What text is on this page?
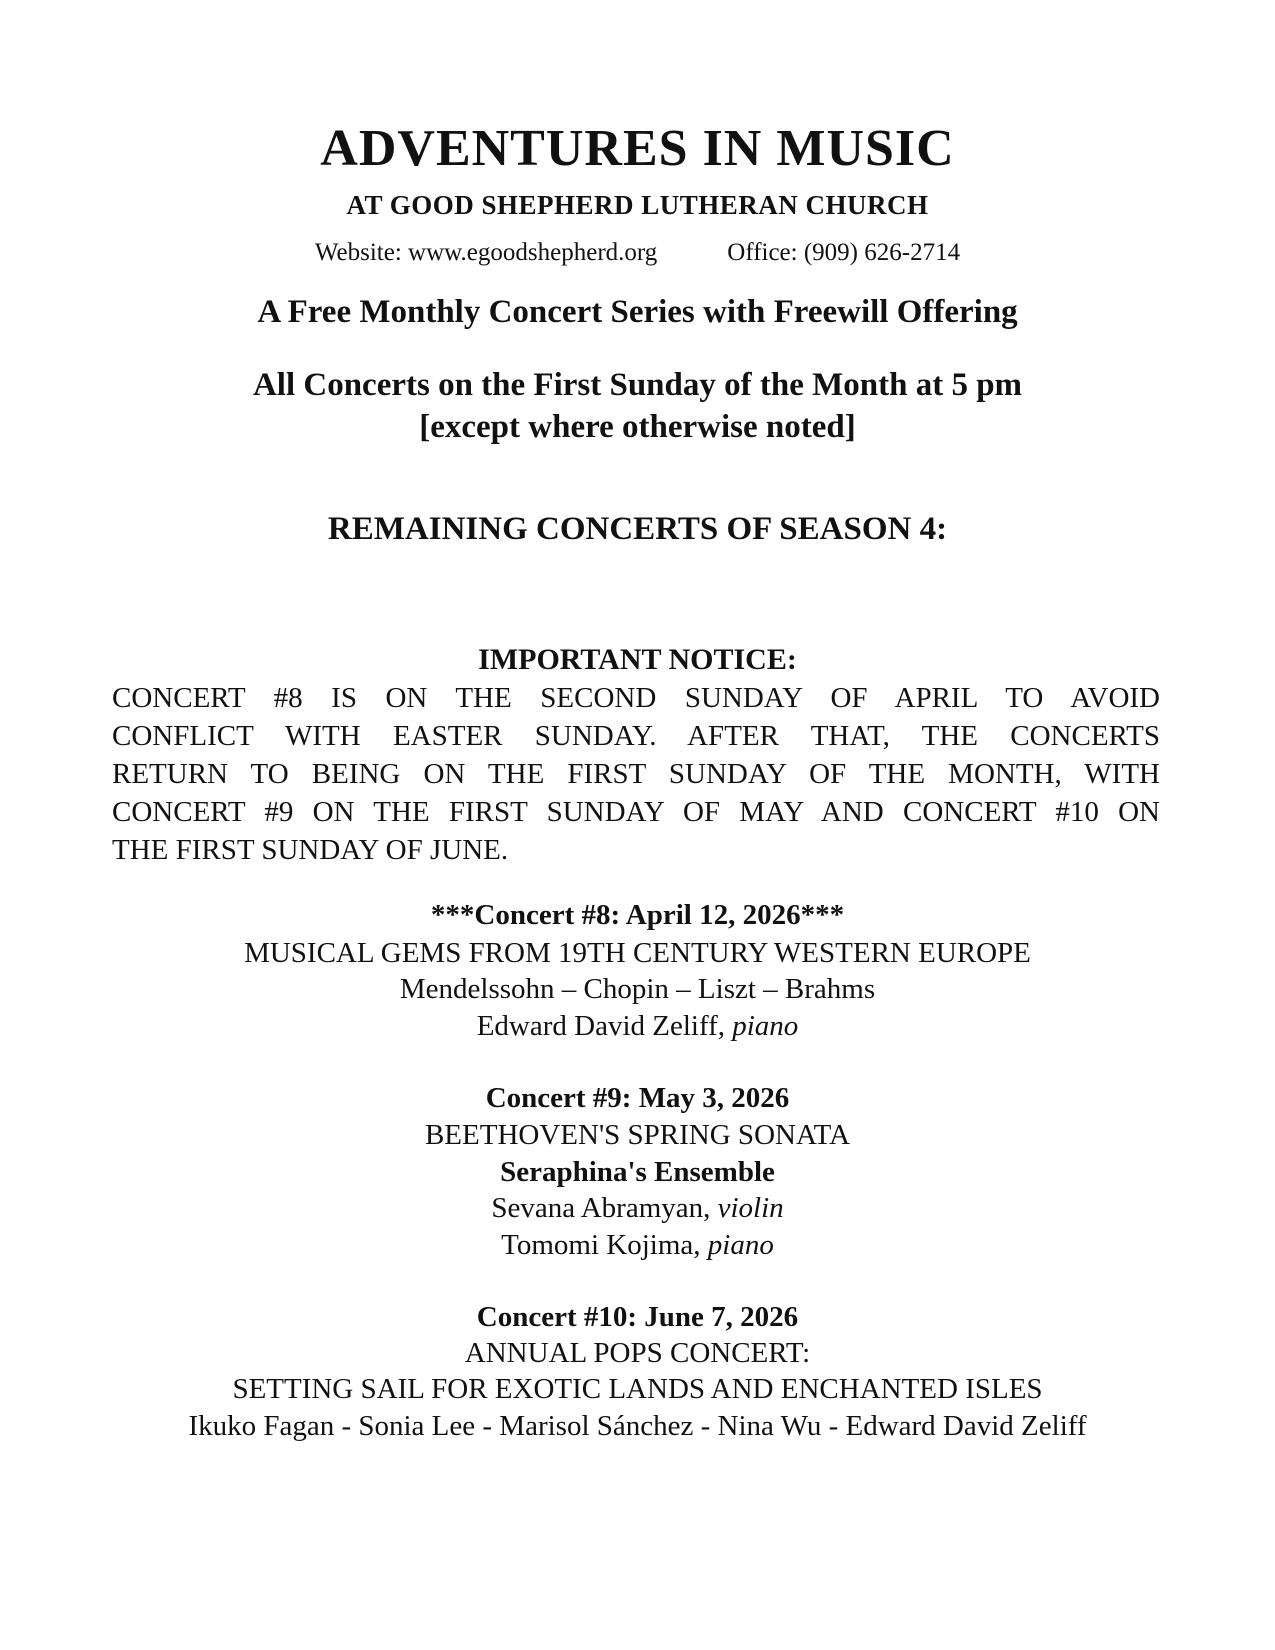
ADVENTURES IN MUSIC
AT GOOD SHEPHERD LUTHERAN CHURCH
Website: www.egoodshepherd.org	Office: (909) 626-2714
A Free Monthly Concert Series with Freewill Offering
All Concerts on the First Sunday of the Month at 5 pm
[except where otherwise noted]
REMAINING CONCERTS OF SEASON 4:
IMPORTANT NOTICE:
CONCERT #8 IS ON THE SECOND SUNDAY OF APRIL TO AVOID
CONFLICT WITH EASTER SUNDAY. AFTER THAT, THE CONCERTS
RETURN TO BEING ON THE FIRST SUNDAY OF THE MONTH, WITH
CONCERT #9 ON THE FIRST SUNDAY OF MAY AND CONCERT #10 ON
THE FIRST SUNDAY OF JUNE.
***Concert #8: April 12, 2026***
MUSICAL GEMS FROM 19TH CENTURY WESTERN EUROPE
Mendelssohn – Chopin – Liszt – Brahms
Edward David Zeliff, piano
Concert #9: May 3, 2026
BEETHOVEN'S SPRING SONATA
Seraphina's Ensemble
Sevana Abramyan, violin
Tomomi Kojima, piano
Concert #10: June 7, 2026
ANNUAL POPS CONCERT:
SETTING SAIL FOR EXOTIC LANDS AND ENCHANTED ISLES
Ikuko Fagan - Sonia Lee - Marisol Sánchez - Nina Wu - Edward David Zeliff
